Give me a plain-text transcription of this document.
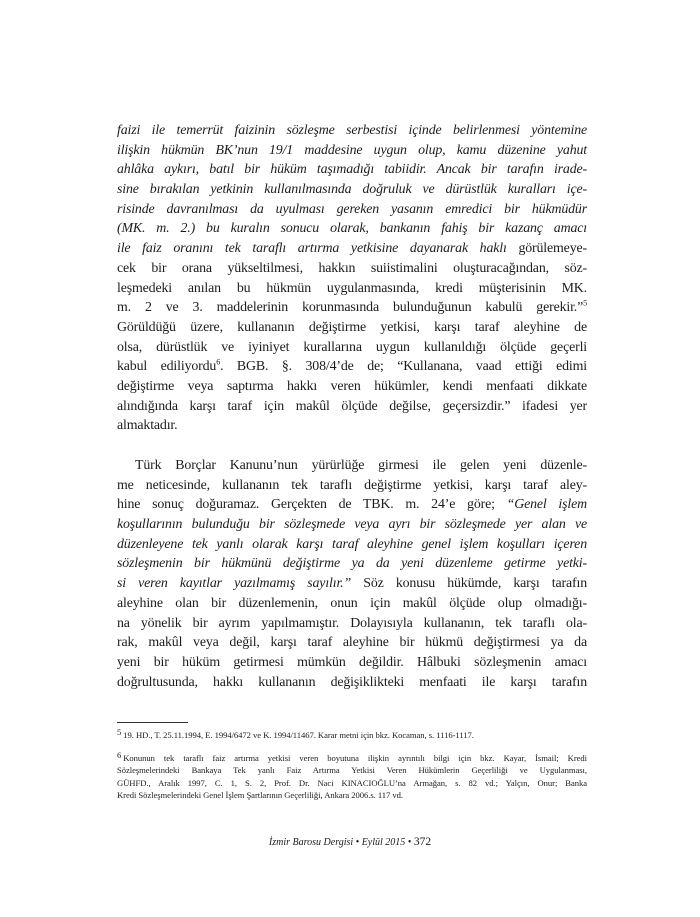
faizi ile temerrüt faizinin sözleşme serbestisi içinde belirlenmesi yöntemine
ilişkin hükmün BK’nun 19/1 maddesine uygun olup, kamu düzenine yahut
ahlâka aykırı, batıl bir hüküm taşımadığı tabiidir. Ancak bir tarafın irade-
sine bırakılan yetkinin kullanılmasında doğruluk ve dürüstlük kuralları içe-
risinde davranılması da uyulması gereken yasanın emredici bir hükmüdür
(MK. m. 2.) bu kuralın sonucu olarak, bankanın fahiş bir kazanç amacı
ile faiz oranını tek taraflı artırma yetkisine dayanarak haklı görülemeye-
cek bir orana yükseltilmesi, hakkın suiistimalini oluşturacağından, söz-
leşmedeki anılan bu hükmün uygulanmasında, kredi müşterisinin MK.
m. 2 ve 3. maddelerinin korunmasında bulunduğunun kabulü gerekir.”$^5$
Görüldüğü üzere, kullananın değiştirme yetkisi, karşı taraf aleyhine de
olsa, dürüstlük ve iyiniyet kurallarına uygun kullanıldığı ölçüde geçerli
kabul ediliyordu$^6$. BGB. §. 308/4’de de; “Kullanana, vaad ettiği edimi
değiştirme veya saptırma hakkı veren hükümler, kendi menfaati dikkate
alındığında karşı taraf için makûl ölçüde değilse, geçersizdir.” ifadesi yer
almaktadır.
Türk Borçlar Kanunu’nun yürürlüğe girmesi ile gelen yeni düzenle-
me neticesinde, kullananın tek taraflı değiştirme yetkisi, karşı taraf aley-
hine sonuç doğuramaz. Gerçekten de TBK. m. 24’e göre; “Genel işlem
koşullarının bulunduğu bir sözleşmede veya ayrı bir sözleşmede yer alan ve
düzenleyene tek yanlı olarak karşı taraf aleyhine genel işlem koşulları içeren
sözleşmenin bir hükmünü değiştirme ya da yeni düzenleme getirme yetki-
si veren kayıtlar yazılmamış sayılır.” Söz konusu hükümde, karşı tarafın
aleyhine olan bir düzenlemenin, onun için makûl ölçüde olup olmadığı-
na yönelik bir ayrım yapılmamıştır. Dolayısıyla kullananın, tek taraflı ola-
rak, makûl veya değil, karşı taraf aleyhine bir hükmü değiştirmesi ya da
yeni bir hüküm getirmesi mümkün değildir. Hâlbuki sözleşmenin amacı
doğrultusunda, hakkı kullananın değişiklikteki menfaati ile karşı tarafın
5 19. HD., T. 25.11.1994, E. 1994/6472 ve K. 1994/11467. Karar metni için bkz. Kocaman, s. 1116-1117.
6 Konunun tek taraflı faiz artırma yetkisi veren boyutuna ilişkin ayrıntılı bilgi için bkz. Kayar, İsmail; Kredi
Sözleşmelerindeki Bankaya Tek yanlı Faiz Artırma Yetkisi Veren Hükümlerin Geçerliliği ve Uygulanması,
GÜHFD., Aralık 1997, C. 1, S. 2, Prof. Dr. Naci KINACIOĞLU’na Armağan, s. 82 vd.; Yalçın, Onur; Banka
Kredi Sözleşmelerindeki Genel İşlem Şartlarının Geçerliliği, Ankara 2006.s. 117 vd.
İzmir Barosu Dergisi • Eylül 2015 • 372
